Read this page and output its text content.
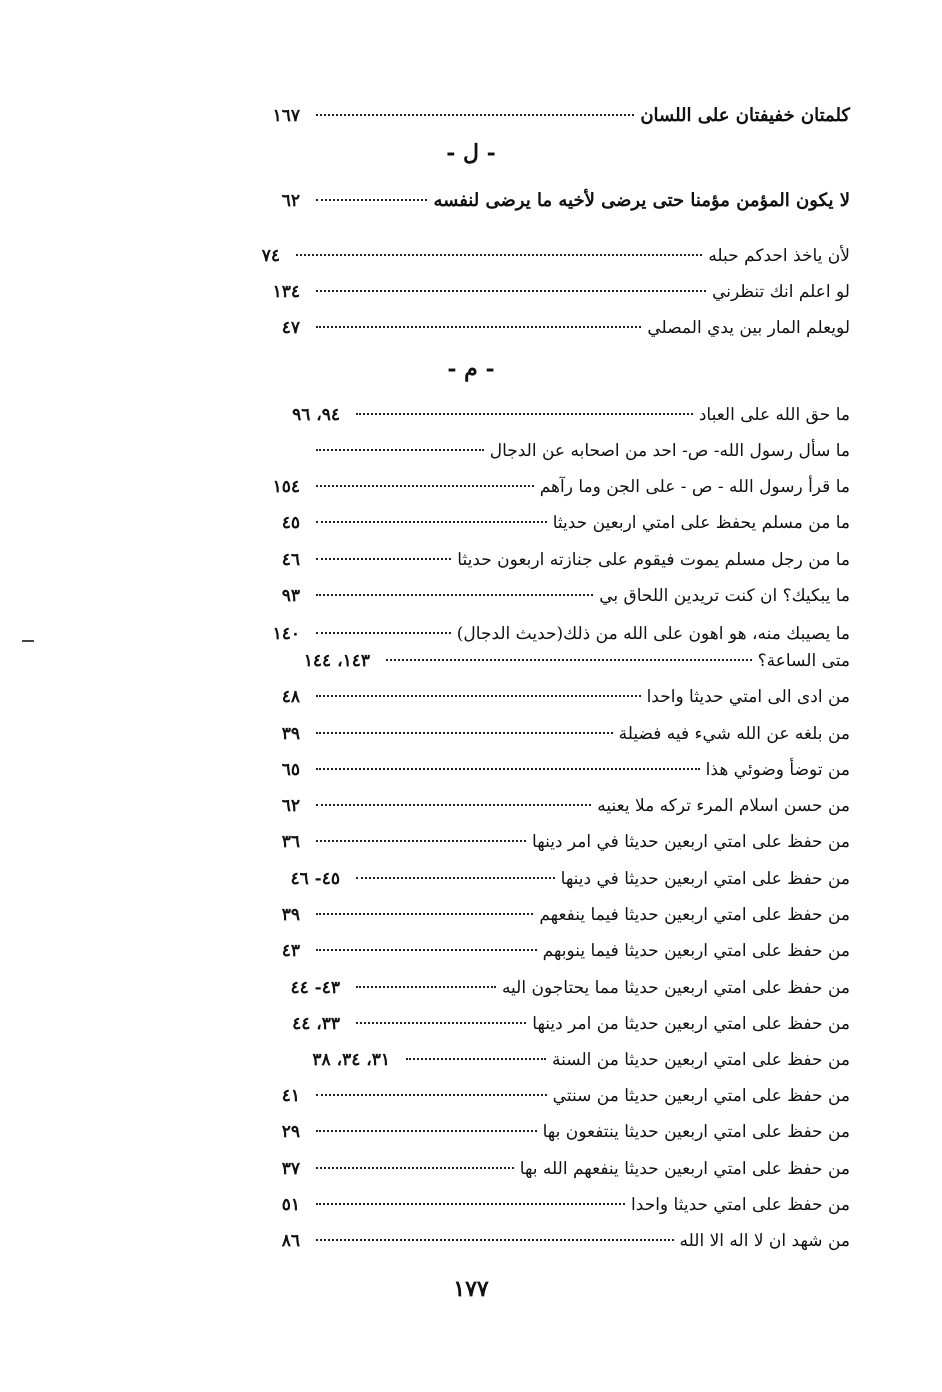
كلمتان خفيفتان على اللسان
١٦٧
- ل -
لا يكون المؤمن مؤمنا حتى يرضى لأخيه ما يرضى لنفسه
٦٢
لأن ياخذ احدكم حبله
٧٤
لو اعلم انك تنظرني
١٣٤
لويعلم المار بين يدي المصلي
٤٧
- م -
ما حق الله على العباد
٩٤، ٩٦
ما سأل رسول الله- ص- احد من اصحابه عن الدجال
ما قرأ رسول الله - ص - على الجن وما رآهم
١٥٤
ما من مسلم يحفظ على امتي اربعين حديثا
٤٥
ما من رجل مسلم يموت فيقوم على جنازته اربعون حديثا
٤٦
ما يبكيك؟ ان كنت تريدين اللحاق بي
٩٣
ما يصيبك منه، هو اهون على الله من ذلك(حديث الدجال)
١٤٠
متى الساعة؟
١٤٣، ١٤٤
من ادى الى امتي حديثا واحدا
٤٨
من بلغه عن الله شيء فيه فضيلة
٣٩
من توضأ وضوئي هذا
٦٥
من حسن اسلام المرء تركه ملا يعنيه
٦٢
من حفظ على امتي اربعين حديثا في امر دينها
٣٦
من حفظ على امتي اربعين حديثا في دينها
٤٥- ٤٦
من حفظ على امتي اربعين حديثا فيما ينفعهم
٣٩
من حفظ على امتي اربعين حديثا فيما ينوبهم
٤٣
من حفظ على امتي اربعين حديثا مما يحتاجون اليه
٤٣- ٤٤
من حفظ على امتي اربعين حديثا من امر دينها
٣٣، ٤٤
من حفظ على امتي اربعين حديثا من السنة
٣١، ٣٤، ٣٨
من حفظ على امتي اربعين حديثا من سنتي
٤١
من حفظ على امتي اربعين حديثا ينتفعون بها
٢٩
من حفظ على امتي اربعين حديثا ينفعهم الله بها
٣٧
من حفظ على امتي حديثا واحدا
٥١
من شهد ان لا اله الا الله
٨٦
١٧٧
